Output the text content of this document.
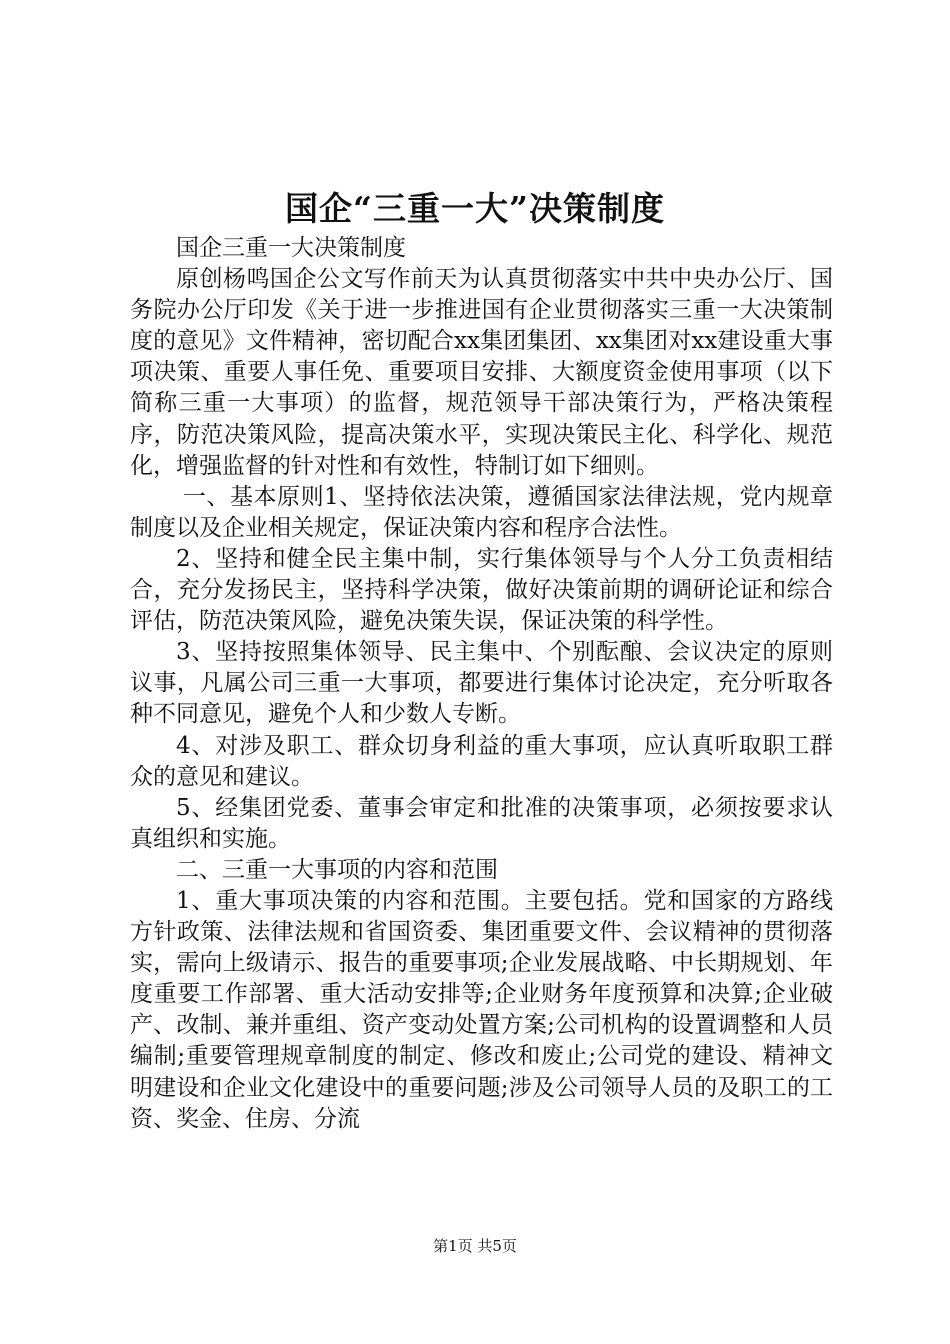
国企“三重一大”决策制度

国企三重一大决策制度

原创杨鸣国企公文写作前天为认真贯彻落实中共中央办公厅、国务院办公厅印发《关于进一步推进国有企业贯彻落实三重一大决策制度的意见》文件精神，密切配合xx集团集团、xx集团对xx建设重大事项决策、重要人事任免、重要项目安排、大额度资金使用事项（以下简称三重一大事项）的监督，规范领导干部决策行为，严格决策程序，防范决策风险，提高决策水平，实现决策民主化、科学化、规范化，增强监督的针对性和有效性，特制订如下细则。

一、基本原则1、坚持依法决策，遵循国家法律法规，党内规章制度以及企业相关规定，保证决策内容和程序合法性。

2、坚持和健全民主集中制，实行集体领导与个人分工负责相结合，充分发扬民主，坚持科学决策，做好决策前期的调研论证和综合评估，防范决策风险，避免决策失误，保证决策的科学性。

3、坚持按照集体领导、民主集中、个别酝酿、会议决定的原则议事，凡属公司三重一大事项，都要进行集体讨论决定，充分听取各种不同意见，避免个人和少数人专断。

4、对涉及职工、群众切身利益的重大事项，应认真听取职工群众的意见和建议。

5、经集团党委、董事会审定和批准的决策事项，必须按要求认真组织和实施。

二、三重一大事项的内容和范围

1、重大事项决策的内容和范围。主要包括。党和国家的方路线方针政策、法律法规和省国资委、集团重要文件、会议精神的贯彻落实，需向上级请示、报告的重要事项;企业发展战略、中长期规划、年度重要工作部署、重大活动安排等;企业财务年度预算和决算;企业破产、改制、兼并重组、资产变动处置方案;公司机构的设置调整和人员编制;重要管理规章制度的制定、修改和废止;公司党的建设、精神文明建设和企业文化建设中的重要问题;涉及公司领导人员的及职工的工资、奖金、住房、分流

第1页 共5页
